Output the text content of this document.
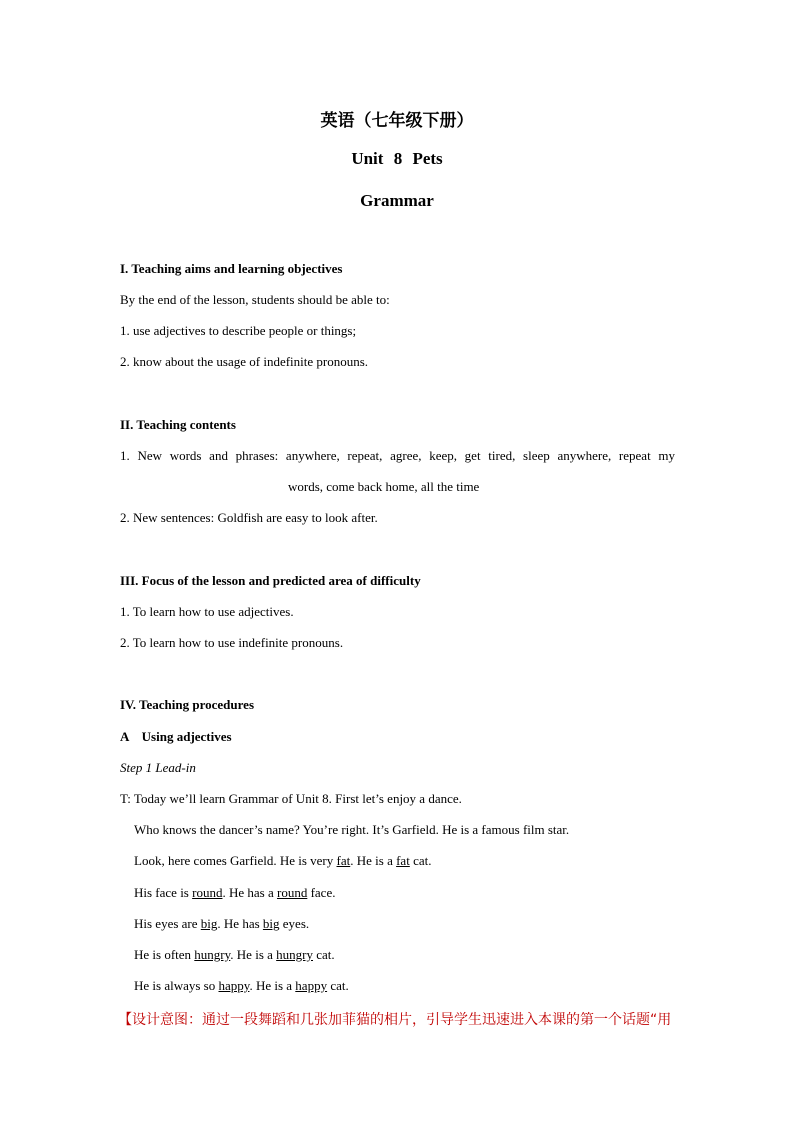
英语（七年级下册）
Unit 8 Pets
Grammar
I. Teaching aims and learning objectives
By the end of the lesson, students should be able to:
1. use adjectives to describe people or things;
2. know about the usage of indefinite pronouns.
II. Teaching contents
1. New words and phrases: anywhere, repeat, agree, keep, get tired, sleep anywhere, repeat my
words, come back home, all the time
2. New sentences: Goldfish are easy to look after.
III. Focus of the lesson and predicted area of difficulty
1. To learn how to use adjectives.
2. To learn how to use indefinite pronouns.
IV. Teaching procedures
A    Using adjectives
Step 1 Lead-in
T: Today we’ll learn Grammar of Unit 8. First let’s enjoy a dance.
Who knows the dancer’s name? You’re right. It’s Garfield. He is a famous film star.
Look, here comes Garfield. He is very fat. He is a fat cat.
His face is round. He has a round face.
His eyes are big. He has big eyes.
He is often hungry. He is a hungry cat.
He is always so happy. He is a happy cat.
【设计意图：通过一段舞蹈和几张加菲猫的相片，引导学生迅速进入本课的第一个话题“用
